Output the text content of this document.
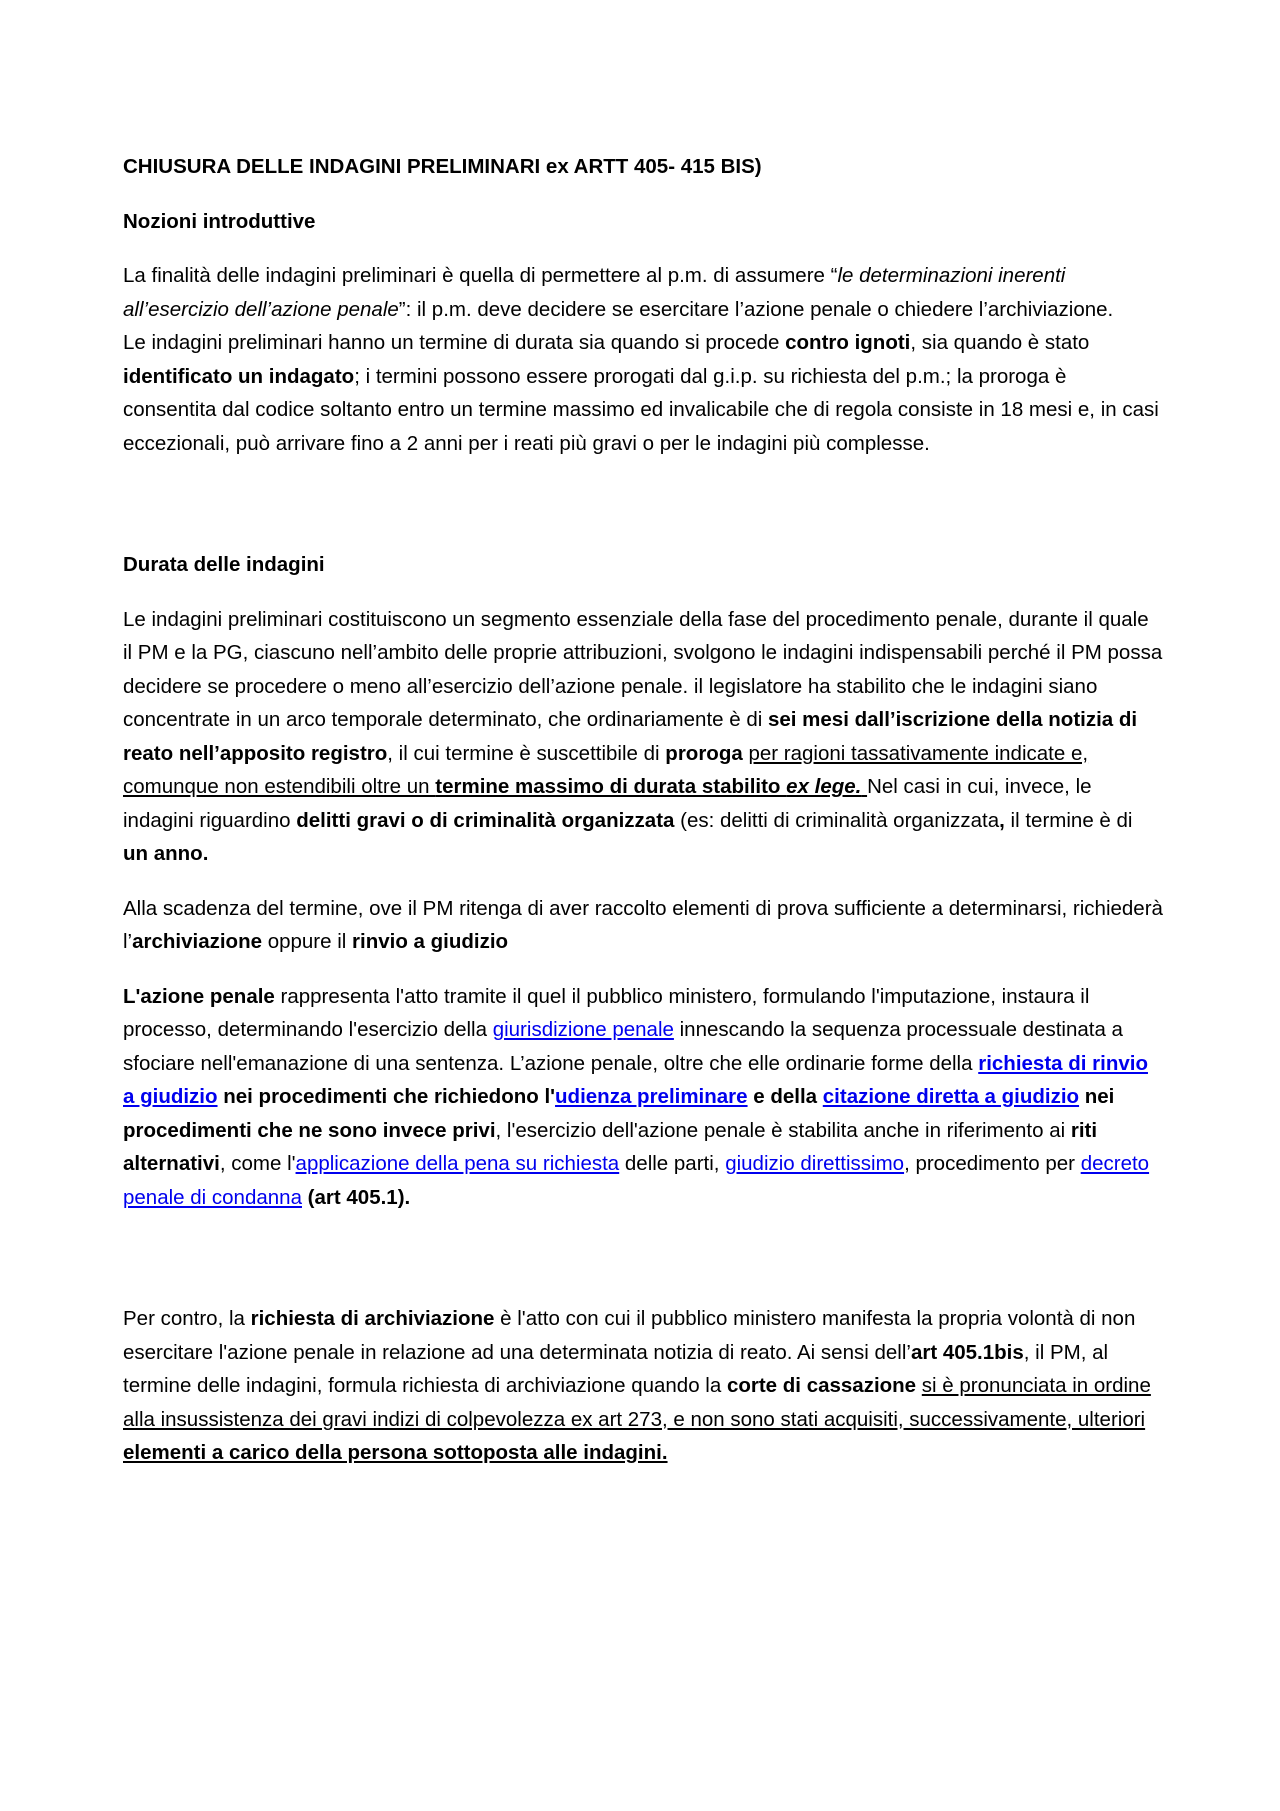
CHIUSURA DELLE INDAGINI PRELIMINARI ex ARTT 405- 415 BIS)

Nozioni introduttive

La finalità delle indagini preliminari è quella di permettere al p.m. di assumere “le determinazioni inerenti all’esercizio dell’azione penale”: il p.m. deve decidere se esercitare l’azione penale o chiedere l’archiviazione.

Le indagini preliminari hanno un termine di durata sia quando si procede contro ignoti, sia quando è stato identificato un indagato; i termini possono essere prorogati dal g.i.p. su richiesta del p.m.; la proroga è consentita dal codice soltanto entro un termine massimo ed invalicabile che di regola consiste in 18 mesi e, in casi eccezionali, può arrivare fino a 2 anni per i reati più gravi o per le indagini più complesse.

Durata delle indagini

Le indagini preliminari costituiscono un segmento essenziale della fase del procedimento penale, durante il quale il PM e la PG, ciascuno nell’ambito delle proprie attribuzioni, svolgono le indagini indispensabili perché il PM possa decidere se procedere o meno all’esercizio dell’azione penale. il legislatore ha stabilito che le indagini siano concentrate in un arco temporale determinato, che ordinariamente è di sei mesi dall’iscrizione della notizia di reato nell’apposito registro, il cui termine è suscettibile di proroga per ragioni tassativamente indicate e, comunque non estendibili oltre un termine massimo di durata stabilito ex lege. Nel casi in cui, invece, le indagini riguardino delitti gravi o di criminalità organizzata (es: delitti di criminalità organizzata, il termine è di un anno.

Alla scadenza del termine, ove il PM ritenga di aver raccolto elementi di prova sufficiente a determinarsi, richiederà l’archiviazione oppure il rinvio a giudizio

L'azione penale rappresenta l'atto tramite il quel il pubblico ministero, formulando l'imputazione, instaura il processo, determinando l'esercizio della giurisdizione penale innescando la sequenza processuale destinata a sfociare nell'emanazione di una sentenza. L’azione penale, oltre che elle ordinarie forme della richiesta di rinvio a giudizio nei procedimenti che richiedono l'udienza preliminare e della citazione diretta a giudizio nei procedimenti che ne sono invece privi, l'esercizio dell'azione penale è stabilita anche in riferimento ai riti alternativi, come l'applicazione della pena su richiesta delle parti, giudizio direttissimo, procedimento per decreto penale di condanna (art 405.1).

Per contro, la richiesta di archiviazione è l'atto con cui il pubblico ministero manifesta la propria volontà di non esercitare l'azione penale in relazione ad una determinata notizia di reato. Ai sensi dell’art 405.1bis, il PM, al termine delle indagini, formula richiesta di archiviazione quando la corte di cassazione si è pronunciata in ordine alla insussistenza dei gravi indizi di colpevolezza ex art 273, e non sono stati acquisiti, successivamente, ulteriori elementi a carico della persona sottoposta alle indagini.
